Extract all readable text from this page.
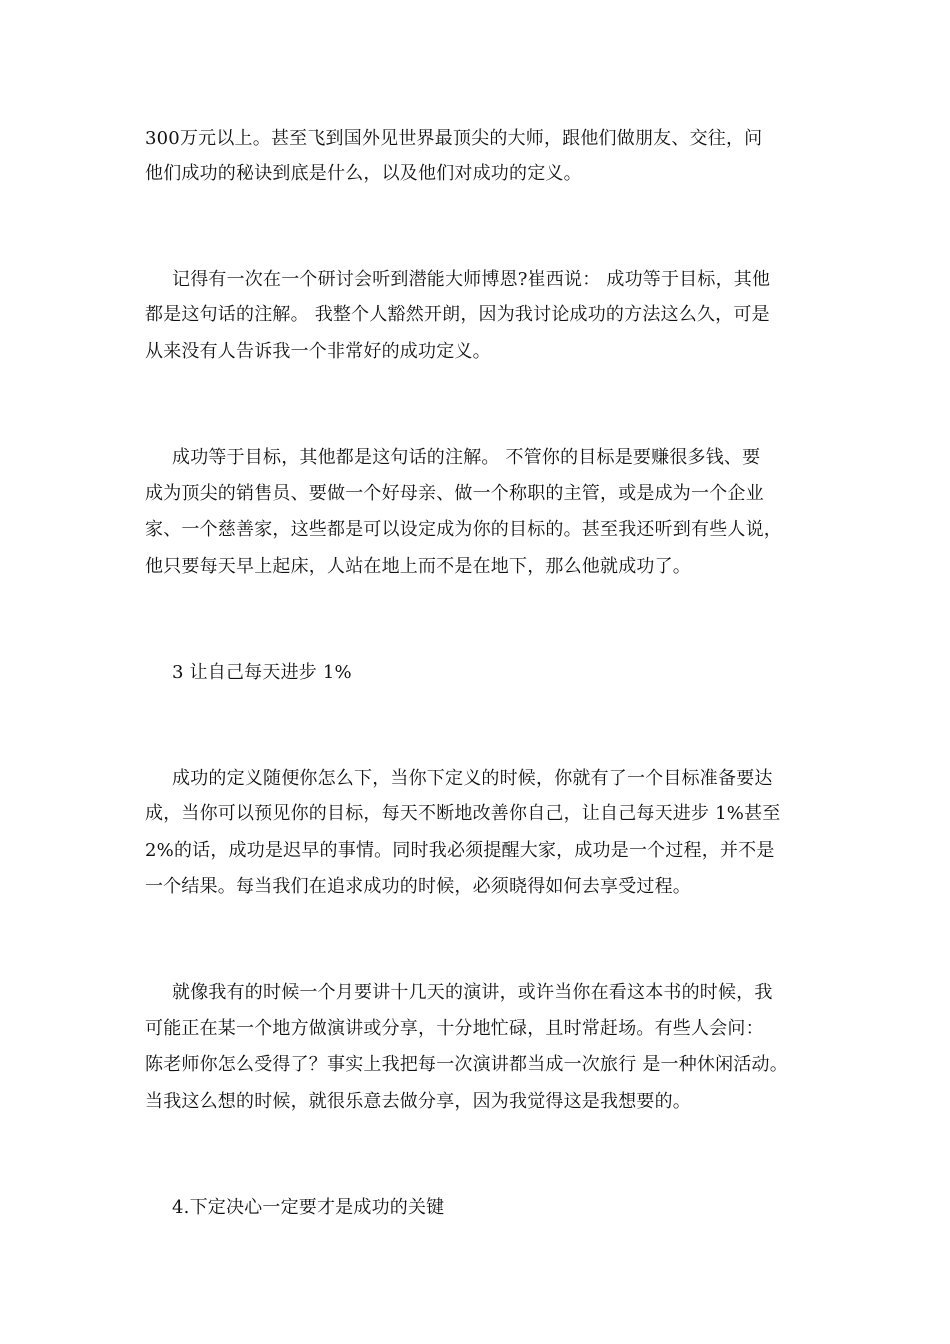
300万元以上。甚至飞到国外见世界最顶尖的大师，跟他们做朋友、交往，问
他们成功的秘诀到底是什么，以及他们对成功的定义。
记得有一次在一个研讨会听到潜能大师博恩?崔西说： 成功等于目标，其他
都是这句话的注解。 我整个人豁然开朗，因为我讨论成功的方法这么久，可是
从来没有人告诉我一个非常好的成功定义。
成功等于目标，其他都是这句话的注解。 不管你的目标是要赚很多钱、要
成为顶尖的销售员、要做一个好母亲、做一个称职的主管，或是成为一个企业
家、一个慈善家，这些都是可以设定成为你的目标的。甚至我还听到有些人说，
他只要每天早上起床，人站在地上而不是在地下，那么他就成功了。
3 让自己每天进步 1%
成功的定义随便你怎么下，当你下定义的时候，你就有了一个目标准备要达
成，当你可以预见你的目标，每天不断地改善你自己，让自己每天进步 1%甚至
2%的话，成功是迟早的事情。同时我必须提醒大家，成功是一个过程，并不是
一个结果。每当我们在追求成功的时候，必须晓得如何去享受过程。
就像我有的时候一个月要讲十几天的演讲，或许当你在看这本书的时候，我
可能正在某一个地方做演讲或分享，十分地忙碌，且时常赶场。有些人会问：
陈老师你怎么受得了？事实上我把每一次演讲都当成一次旅行 是一种休闲活动。
当我这么想的时候，就很乐意去做分享，因为我觉得这是我想要的。
4.下定决心一定要才是成功的关键
